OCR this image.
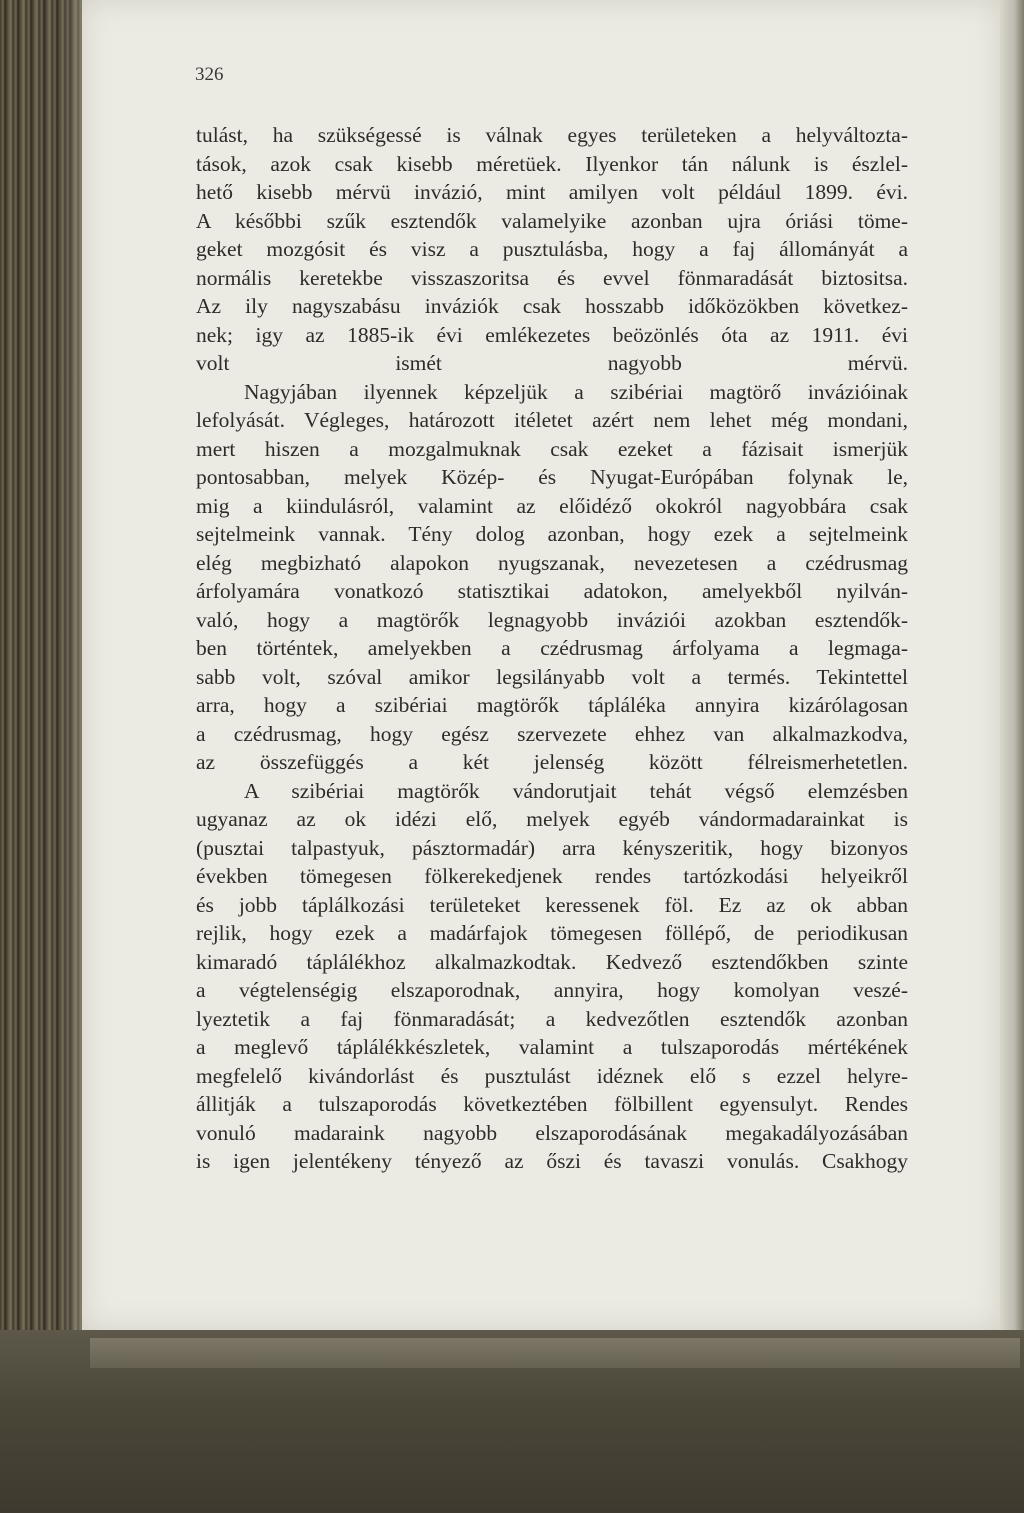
326

tulást, ha szükségessé is válnak egyes területeken a helyváltozta-
tások, azok csak kisebb méretüek. Ilyenkor tán nálunk is észlel-
hető kisebb mérvü invázió, mint amilyen volt például 1899. évi.
A későbbi szűk esztendők valamelyike azonban ujra óriási tömе-
geket mozgósit és visz a pusztulásba, hogy a faj állományát a
normális keretekbe visszaszoritsa és evvel fönmaradását biztositsa.
Az ily nagyszabásu inváziók csak hosszabb időközökben következ-
nek; igy az 1885-ik évi emlékezetes beözönlés óta az 1911. évi
volt ismét nagyobb mérvü.

Nagyjában ilyennek képzeljük a szibériai magtörő invázióinak
lefolyását. Végleges, határozott itéletet azért nem lehet még mondani,
mert hiszen a mozgalmuknak csak ezeket a fázisait ismerjük
pontosabban, melyek Közép- és Nyugat-Európában folynak le,
mig a kiindulásról, valamint az előidéző okokról nagyobbára csak
sejtelmeink vannak. Tény dolog azonban, hogy ezek a sejtelmeink
elég megbizható alapokon nyugszanak, nevezetesen a czédrusmag
árfolyamára vonatkozó statisztikai adatokon, amelyekből nyilván-
való, hogy a magtörők legnagyobb inváziói azokban esztendők-
ben történtek, amelyekben a czédrusmag árfolyama a legmaga-
sabb volt, szóval amikor legsilányabb volt a termés. Tekintettel
arra, hogy a szibériai magtörők tápláléka annyira kizárólagosan
a czédrusmag, hogy egész szervezete ehhez van alkalmazkodva,
az összefüggés a két jelenség között félreismerhetetlen.

A szibériai magtörők vándorutjait tehát végső elemzésben
ugyanaz az ok idézi elő, melyek egyéb vándormadarainkat is
(pusztai talpastyuk, pásztormadár) arra kényszeritik, hogy bizonyos
években tömegesen fölkerekedjenek rendes tartózkodási helyeikről
és jobb táplálkozási területeket keressenek föl. Ez az ok abban
rejlik, hogy ezek a madárfajok tömegesen föllépő, de periodikusan
kimaradó táplálékhoz alkalmazkodtak. Kedvező esztendőkben szinte
a végtelenségig elszaporodnak, annyira, hogy komolyan veszé-
lyeztetik a faj fönmaradását; a kedvezőtlen esztendők azonban
a meglevő táplálékkészletek, valamint a tulszaporodás mértékének
megfelelő kivándorlást és pusztulást idéznek elő s ezzel helyre-
állitják a tulszaporodás következtében fölbillent egyensulyt. Rendes
vonuló madaraink nagyobb elszaporodásának megakadályozásában
is igen jelentékeny tényező az őszi és tavaszi vonulás. Csakhogy
